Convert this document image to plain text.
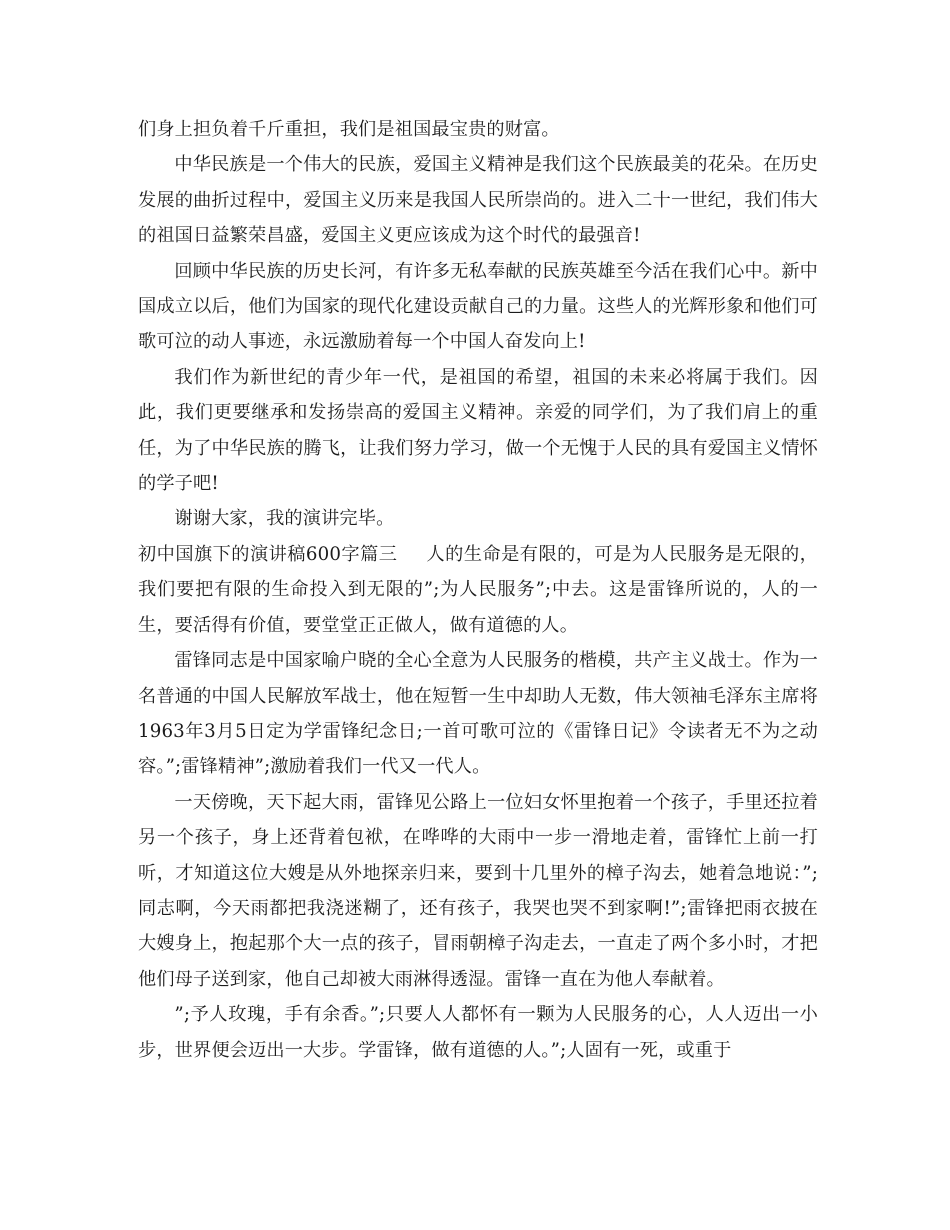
们身上担负着千斤重担，我们是祖国最宝贵的财富。

中华民族是一个伟大的民族，爱国主义精神是我们这个民族最美的花朵。在历史发展的曲折过程中，爱国主义历来是我国人民所崇尚的。进入二十一世纪，我们伟大的祖国日益繁荣昌盛，爱国主义更应该成为这个时代的最强音!

回顾中华民族的历史长河，有许多无私奉献的民族英雄至今活在我们心中。新中国成立以后，他们为国家的现代化建设贡献自己的力量。这些人的光辉形象和他们可歌可泣的动人事迹，永远激励着每一个中国人奋发向上!

我们作为新世纪的青少年一代，是祖国的希望，祖国的未来必将属于我们。因此，我们更要继承和发扬崇高的爱国主义精神。亲爱的同学们，为了我们肩上的重任，为了中华民族的腾飞，让我们努力学习，做一个无愧于人民的具有爱国主义情怀的学子吧!

谢谢大家，我的演讲完毕。

初中国旗下的演讲稿600字篇三 人的生命是有限的，可是为人民服务是无限的，我们要把有限的生命投入到无限的”;为人民服务”;中去。这是雷锋所说的，人的一生，要活得有价值，要堂堂正正做人，做有道德的人。

雷锋同志是中国家喻户晓的全心全意为人民服务的楷模，共产主义战士。作为一名普通的中国人民解放军战士，他在短暂一生中却助人无数，伟大领袖毛泽东主席将1963年3月5日定为学雷锋纪念日;一首可歌可泣的《雷锋日记》令读者无不为之动容。”;雷锋精神”;激励着我们一代又一代人。

一天傍晚，天下起大雨，雷锋见公路上一位妇女怀里抱着一个孩子，手里还拉着另一个孩子，身上还背着包袱，在哗哗的大雨中一步一滑地走着，雷锋忙上前一打听，才知道这位大嫂是从外地探亲归来，要到十几里外的樟子沟去，她着急地说：”;同志啊，今天雨都把我浇迷糊了，还有孩子，我哭也哭不到家啊!”;雷锋把雨衣披在大嫂身上，抱起那个大一点的孩子，冒雨朝樟子沟走去，一直走了两个多小时，才把他们母子送到家，他自己却被大雨淋得透湿。雷锋一直在为他人奉献着。

”;予人玫瑰，手有余香。”;只要人人都怀有一颗为人民服务的心，人人迈出一小步，世界便会迈出一大步。学雷锋，做有道德的人。”;人固有一死，或重于
